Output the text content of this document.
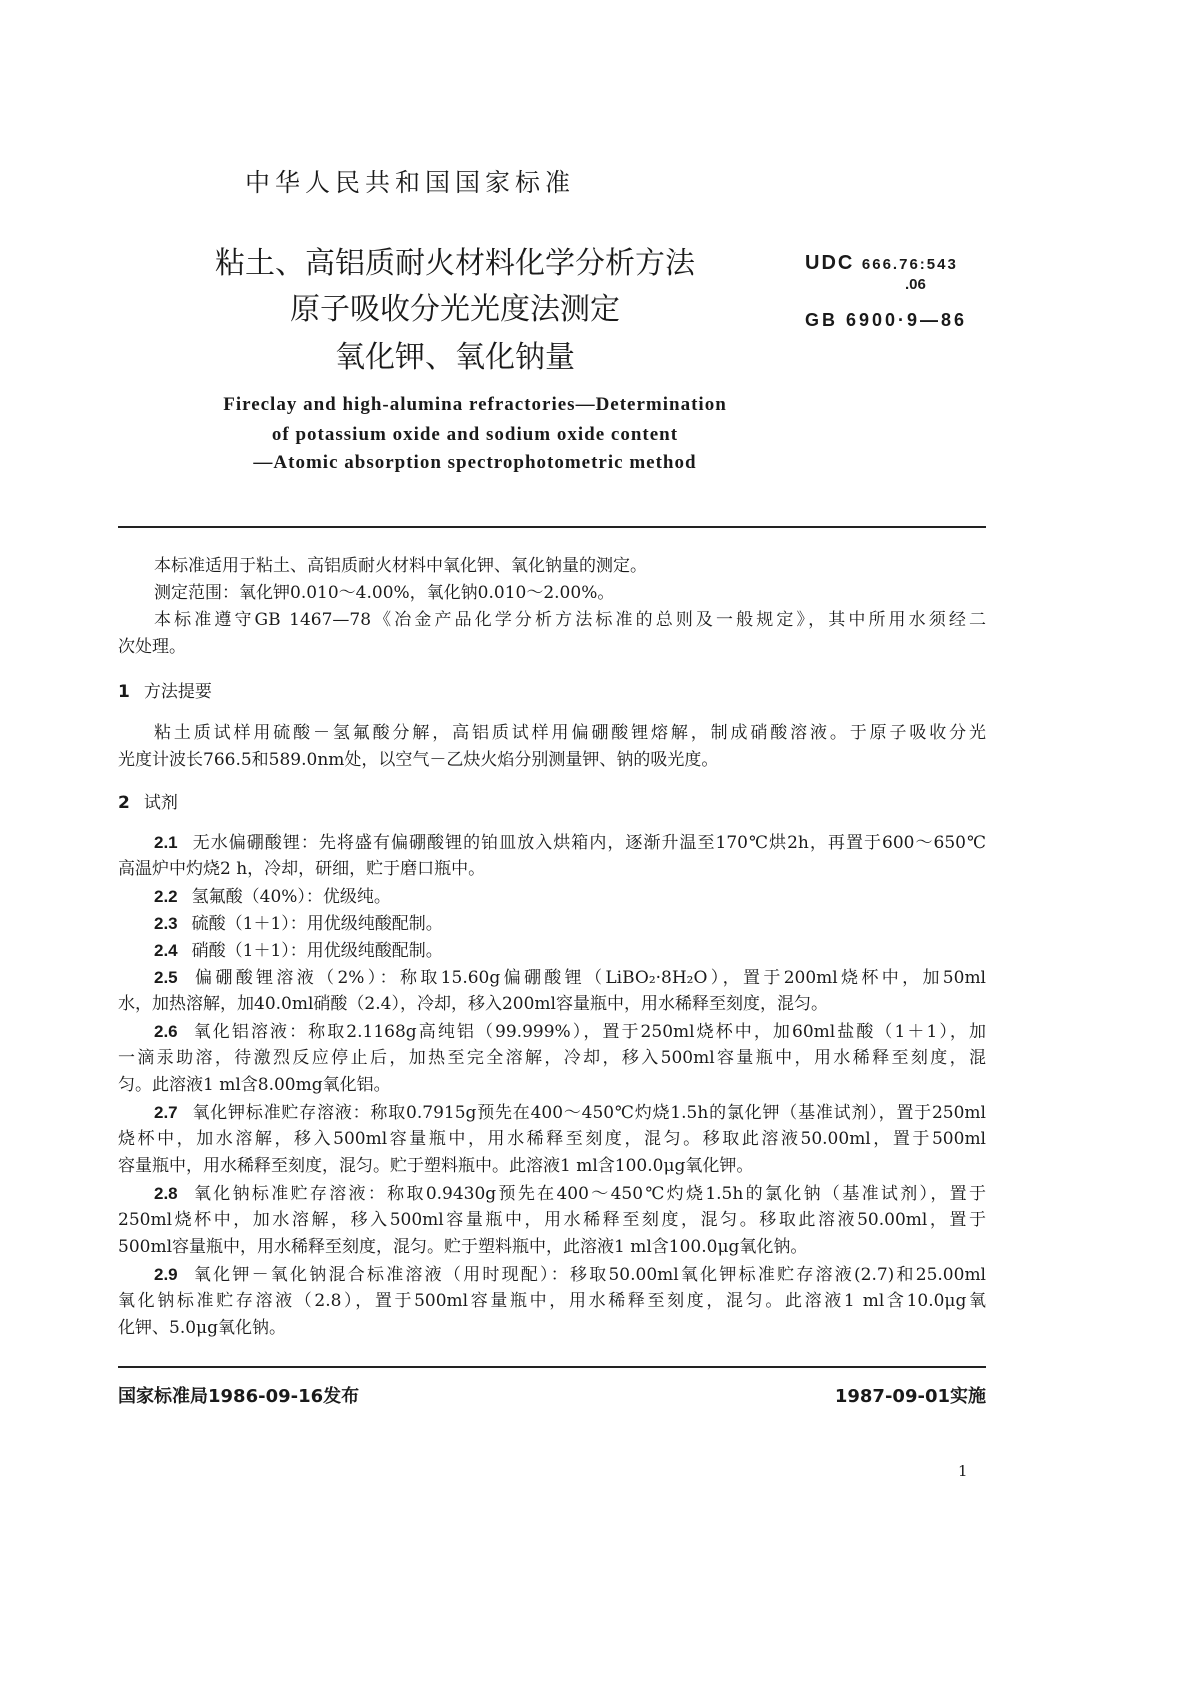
中华人民共和国国家标准
粘土、高铝质耐火材料化学分析方法
原子吸收分光光度法测定
氧化钾、氧化钠量
UDC 666.76:543
.06
GB 6900·9—86
Fireclay and high-alumina refractories—Determination
of potassium oxide and sodium oxide content
—Atomic absorption spectrophotometric method
本标准适用于粘土、高铝质耐火材料中氧化钾、氧化钠量的测定。
测定范围：氧化钾0.010～4.00%，氧化钠0.010～2.00%。
本标准遵守GB 1467—78《冶金产品化学分析方法标准的总则及一般规定》，其中所用水须经二
次处理。
1 方法提要
粘土质试样用硫酸－氢氟酸分解，高铝质试样用偏硼酸锂熔解，制成硝酸溶液。于原子吸收分光
光度计波长766.5和589.0nm处，以空气－乙炔火焰分别测量钾、钠的吸光度。
2 试剂
2.1 无水偏硼酸锂：先将盛有偏硼酸锂的铂皿放入烘箱内，逐渐升温至170℃烘2h，再置于600～650℃
高温炉中灼烧2 h，冷却，研细，贮于磨口瓶中。
2.2 氢氟酸（40%）：优级纯。
2.3 硫酸（1＋1）：用优级纯酸配制。
2.4 硝酸（1＋1）：用优级纯酸配制。
2.5 偏硼酸锂溶液（2%）：称取15.60g偏硼酸锂（LiBO₂·8H₂O），置于200ml烧杯中，加50ml
水，加热溶解，加40.0ml硝酸（2.4），冷却，移入200ml容量瓶中，用水稀释至刻度，混匀。
2.6 氧化铝溶液：称取2.1168g高纯铝（99.999%），置于250ml烧杯中，加60ml盐酸（1＋1），加
一滴汞助溶，待激烈反应停止后，加热至完全溶解，冷却，移入500ml容量瓶中，用水稀释至刻度，混
匀。此溶液1 ml含8.00mg氧化铝。
2.7 氧化钾标准贮存溶液：称取0.7915g预先在400～450℃灼烧1.5h的氯化钾（基准试剂），置于250ml
烧杯中，加水溶解，移入500ml容量瓶中，用水稀释至刻度，混匀。移取此溶液50.00ml，置于500ml
容量瓶中，用水稀释至刻度，混匀。贮于塑料瓶中。此溶液1 ml含100.0μg氧化钾。
2.8 氧化钠标准贮存溶液：称取0.9430g预先在400～450℃灼烧1.5h的氯化钠（基准试剂），置于
250ml烧杯中，加水溶解，移入500ml容量瓶中，用水稀释至刻度，混匀。移取此溶液50.00ml，置于
500ml容量瓶中，用水稀释至刻度，混匀。贮于塑料瓶中，此溶液1 ml含100.0μg氧化钠。
2.9 氧化钾－氧化钠混合标准溶液（用时现配）：移取50.00ml氧化钾标准贮存溶液(2.7)和25.00ml
氧化钠标准贮存溶液（2.8），置于500ml容量瓶中，用水稀释至刻度，混匀。此溶液1 ml含10.0μg氧
化钾、5.0μg氧化钠。
国家标准局1986-09-16发布	1987-09-01实施
1
